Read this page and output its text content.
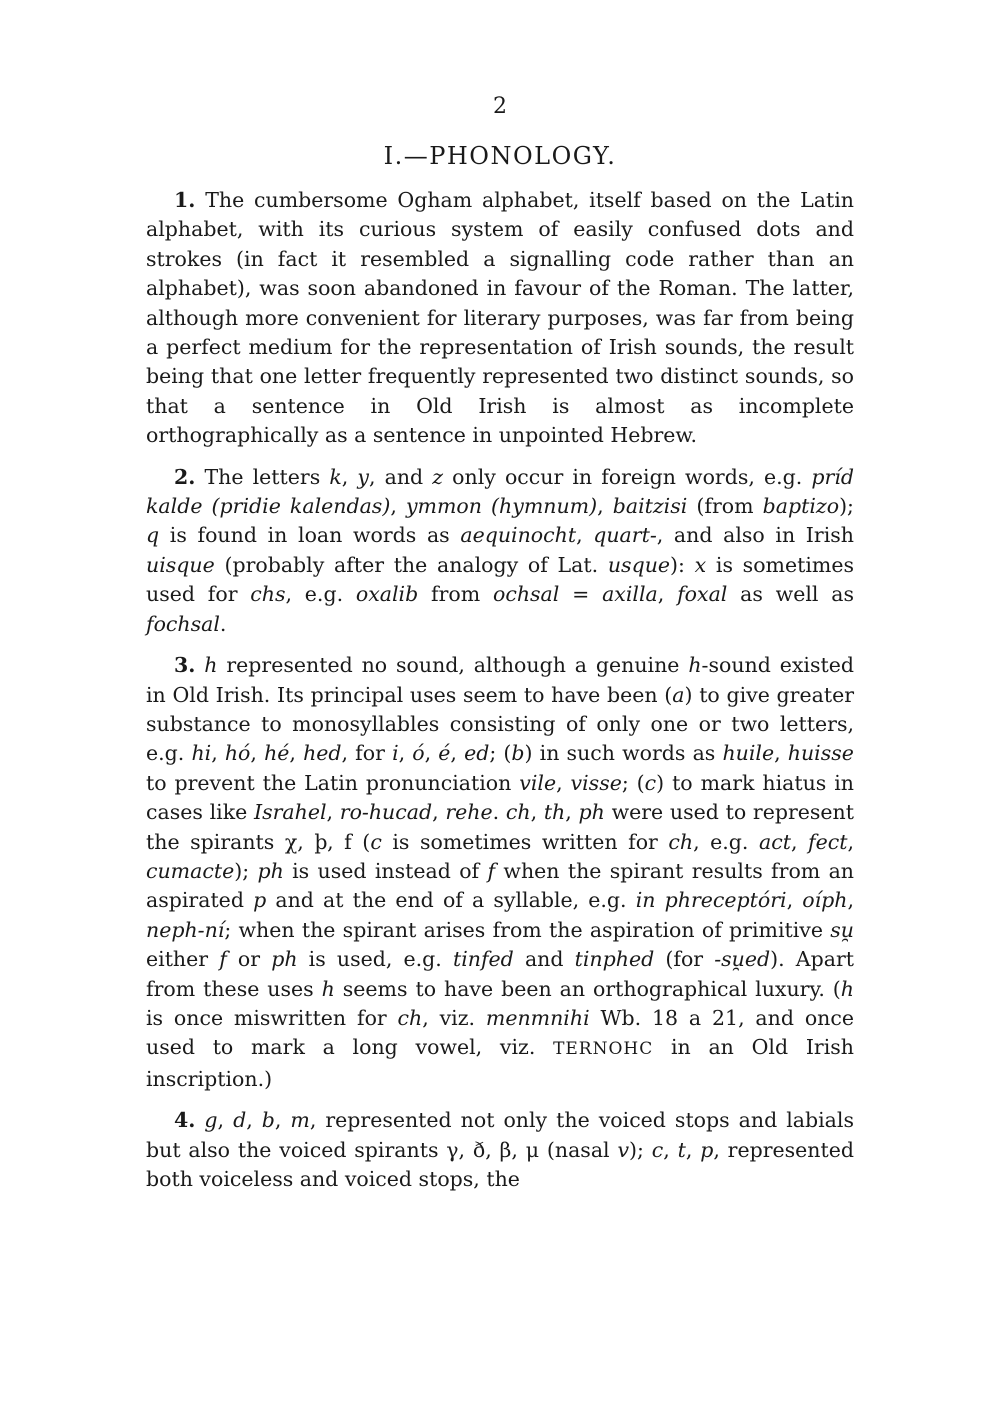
2
I.—PHONOLOGY.

1. The cumbersome Ogham alphabet, itself based on the Latin alphabet, with its curious system of easily confused dots and strokes (in fact it resembled a signalling code rather than an alphabet), was soon abandoned in favour of the Roman. The latter, although more convenient for literary purposes, was far from being a perfect medium for the representation of Irish sounds, the result being that one letter frequently represented two distinct sounds, so that a sentence in Old Irish is almost as incomplete orthographically as a sentence in unpointed Hebrew.

2. The letters k, y, and z only occur in foreign words, e.g. príd kalde (pridie kalendas), ymmon (hymnum), baitzisi (from baptizo); q is found in loan words as aequinocht, quart-, and also in Irish uisque (probably after the analogy of Lat. usque): x is sometimes used for chs, e.g. oxalib from ochsal = axilla, foxal as well as fochsal.

3. h represented no sound, although a genuine h-sound existed in Old Irish. Its principal uses seem to have been (a) to give greater substance to monosyllables consisting of only one or two letters, e.g. hi, hó, hé, hed, for i, ó, é, ed; (b) in such words as huile, huisse to prevent the Latin pronunciation vile, visse; (c) to mark hiatus in cases like Israhel, ro-hucad, rehe. ch, th, ph were used to represent the spirants χ, þ, f (c is sometimes written for ch, e.g. act, fect, cumacte); ph is used instead of f when the spirant results from an aspirated p and at the end of a syllable, e.g. in phreceptóri, oíph, neph-ní; when the spirant arises from the aspiration of primitive su̯ either f or ph is used, e.g. tinfed and tinphed (for -su̯ed). Apart from these uses h seems to have been an orthographical luxury. (h is once miswritten for ch, viz. menmnihi Wb. 18 a 21, and once used to mark a long vowel, viz. TERNOHC in an Old Irish inscription.)

4. g, d, b, m, represented not only the voiced stops and labials but also the voiced spirants γ, ð, β, μ (nasal v); c, t, p, represented both voiceless and voiced stops, the
